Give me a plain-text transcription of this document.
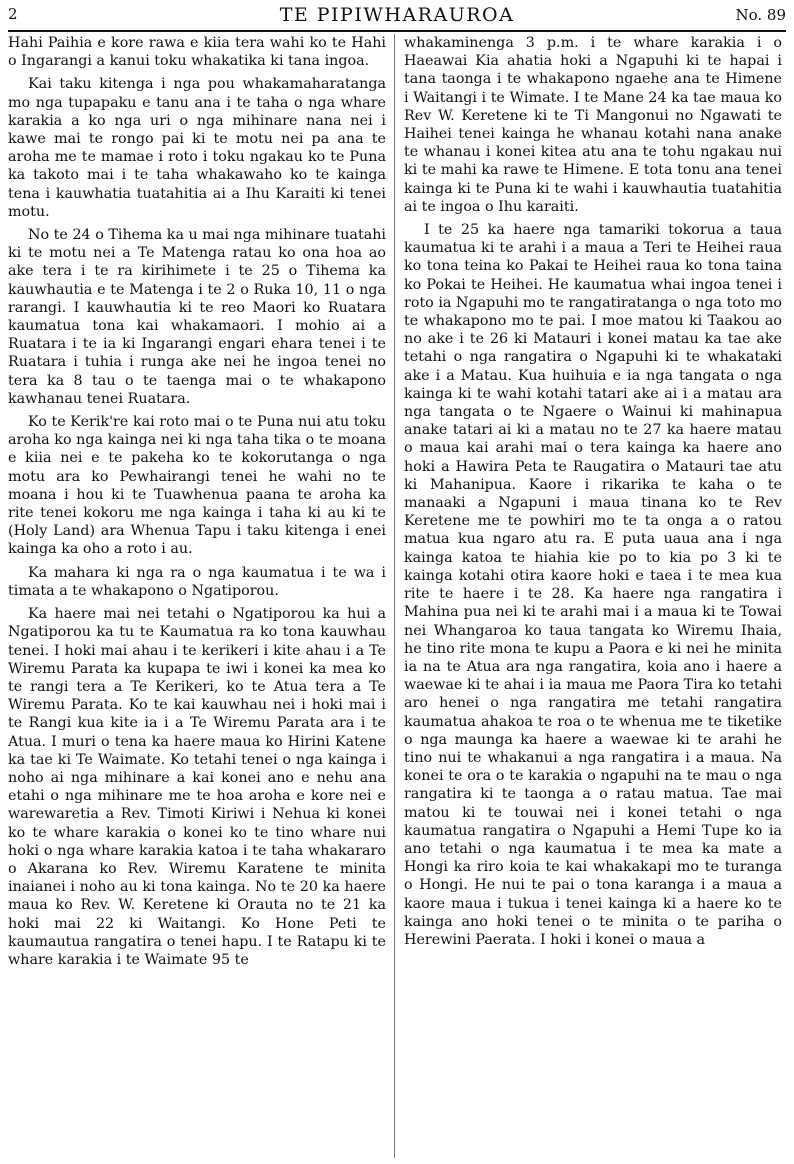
2	TE PIPIWHARAUROA	No. 89

Hahi Paihia e kore rawa e kiia tera wahi ko te Hahi o Ingarangi a kanui toku whakatika ki tana ingoa.

Kai taku kitenga i nga pou whakamaharatanga mo nga tupapaku e tanu ana i te taha o nga whare karakia a ko nga uri o nga mihinare nana nei i kawe mai te rongo pai ki te motu nei pa ana te aroha me te mamae i roto i toku ngakau ko te Puna ka takoto mai i te taha whakawaho ko te kainga tena i kauwhatia tuatahitia ai a Ihu Karaiti ki tenei motu.

No te 24 o Tihema ka u mai nga mihinare tuatahi ki te motu nei a Te Matenga ratau ko ona hoa ao ake tera i te ra kirihimete i te 25 o Tihema ka kauwhautia e te Matenga i te 2 o Ruka 10, 11 o nga rarangi. I kauwhautia ki te reo Maori ko Ruatara kaumatua tona kai whakamaori. I mohio ai a Ruatara i te ia ki Ingarangi engari ehara tenei i te Ruatara i tuhia i runga ake nei he ingoa tenei no tera ka 8 tau o te taenga mai o te whakapono kawhanau tenei Ruatara.

Ko te Kerik're kai roto mai o te Puna nui atu toku aroha ko nga kainga nei ki nga taha tika o te moana e kiia nei e te pakeha ko te kokorutanga o nga motu ara ko Pewhairangi tenei he wahi no te moana i hou ki te Tuawhenua paana te aroha ka rite tenei kokoru me nga kainga i taha ki au ki te (Holy Land) ara Whenua Tapu i taku kitenga i enei kainga ka oho a roto i au.

Ka mahara ki nga ra o nga kaumatua i te wa i timata a te whakapono o Ngatiporou.

Ka haere mai nei tetahi o Ngatiporou ka hui a Ngatiporou ka tu te Kaumatua ra ko tona kauwhau tenei. I hoki mai ahau i te kerikeri i kite ahau i a Te Wiremu Parata ka kupapa te iwi i konei ka mea ko te rangi tera a Te Kerikeri, ko te Atua tera a Te Wiremu Parata. Ko te kai kauwhau nei i hoki mai i te Rangi kua kite ia i a Te Wiremu Parata ara i te Atua. I muri o tena ka haere maua ko Hirini Katene ka tae ki Te Waimate. Ko tetahi tenei o nga kainga i noho ai nga mihinare a kai konei ano e nehu ana etahi o nga mihinare me te hoa aroha e kore nei e warewaretia a Rev. Timoti Kiriwi i Nehua ki konei ko te whare karakia o konei ko te tino whare nui hoki o nga whare karakia katoa i te taha whakararo o Akarana ko Rev. Wiremu Karatene te minita inaianei i noho au ki tona kainga. No te 20 ka haere maua ko Rev. W. Keretene ki Orauta no te 21 ka hoki mai 22 ki Waitangi. Ko Hone Peti te kaumautua rangatira o tenei hapu. I te Ratapu ki te whare karakia i te Waimate 95 te

whakaminenga 3 p.m. i te whare karakia i o Haeawai Kia ahatia hoki a Ngapuhi ki te hapai i tana taonga i te whakapono ngaehe ana te Himene i Waitangi i te Wimate. I te Mane 24 ka tae maua ko Rev W. Keretene ki te Ti Mangonui no Ngawati te Haihei tenei kainga he whanau kotahi nana anake te whanau i konei kitea atu ana te tohu ngakau nui ki te mahi ka rawe te Himene. E tota tonu ana tenei kainga ki te Puna ki te wahi i kauwhautia tuatahitia ai te ingoa o Ihu karaiti.

I te 25 ka haere nga tamariki tokorua a taua kaumatua ki te arahi i a maua a Teri te Heihei raua ko tona teina ko Pakai te Heihei raua ko tona taina ko Pokai te Heihei. He kaumatua whai ingoa tenei i roto ia Ngapuhi mo te rangatiratanga o nga toto mo te whakapono mo te pai. I moe matou ki Taakou ao no ake i te 26 ki Matauri i konei matau ka tae ake tetahi o nga rangatira o Ngapuhi ki te whakataki ake i a Matau. Kua huihuia e ia nga tangata o nga kainga ki te wahi kotahi tatari ake ai i a matau ara nga tangata o te Ngaere o Wainui ki mahinapua anake tatari ai ki a matau no te 27 ka haere matau o maua kai arahi mai o tera kainga ka haere ano hoki a Hawira Peta te Raugatira o Matauri tae atu ki Mahanipua. Kaore i rikarika te kaha o te manaaki a Ngapuni i maua tinana ko te Rev Keretene me te powhiri mo te ta onga a o ratou matua kua ngaro atu ra. E puta uaua ana i nga kainga katoa te hiahia kie po to kia po 3 ki te kainga kotahi otira kaore hoki e taea i te mea kua rite te haere i te 28. Ka haere nga rangatira i Mahina pua nei ki te arahi mai i a maua ki te Towai nei Whangaroa ko taua tangata ko Wiremu Ihaia, he tino rite mona te kupu a Paora e ki nei he minita ia na te Atua ara nga rangatira, koia ano i haere a waewae ki te ahai i ia maua me Paora Tira ko tetahi aro henei o nga rangatira me tetahi rangatira kaumatua ahakoa te roa o te whenua me te tiketike o nga maunga ka haere a waewae ki te arahi he tino nui te whakanui a nga rangatira i a maua. Na konei te ora o te karakia o ngapuhi na te mau o nga rangatira ki te taonga a o ratau matua. Tae mai matou ki te touwai nei i konei tetahi o nga kaumatua rangatira o Ngapuhi a Hemi Tupe ko ia ano tetahi o nga kaumatua i te mea ka mate a Hongi ka riro koia te kai whakakapi mo te turanga o Hongi. He nui te pai o tona karanga i a maua a kaore maua i tukua i tenei kainga ki a haere ko te kainga ano hoki tenei o te minita o te pariha o Herewini Paerata. I hoki i konei o maua a
